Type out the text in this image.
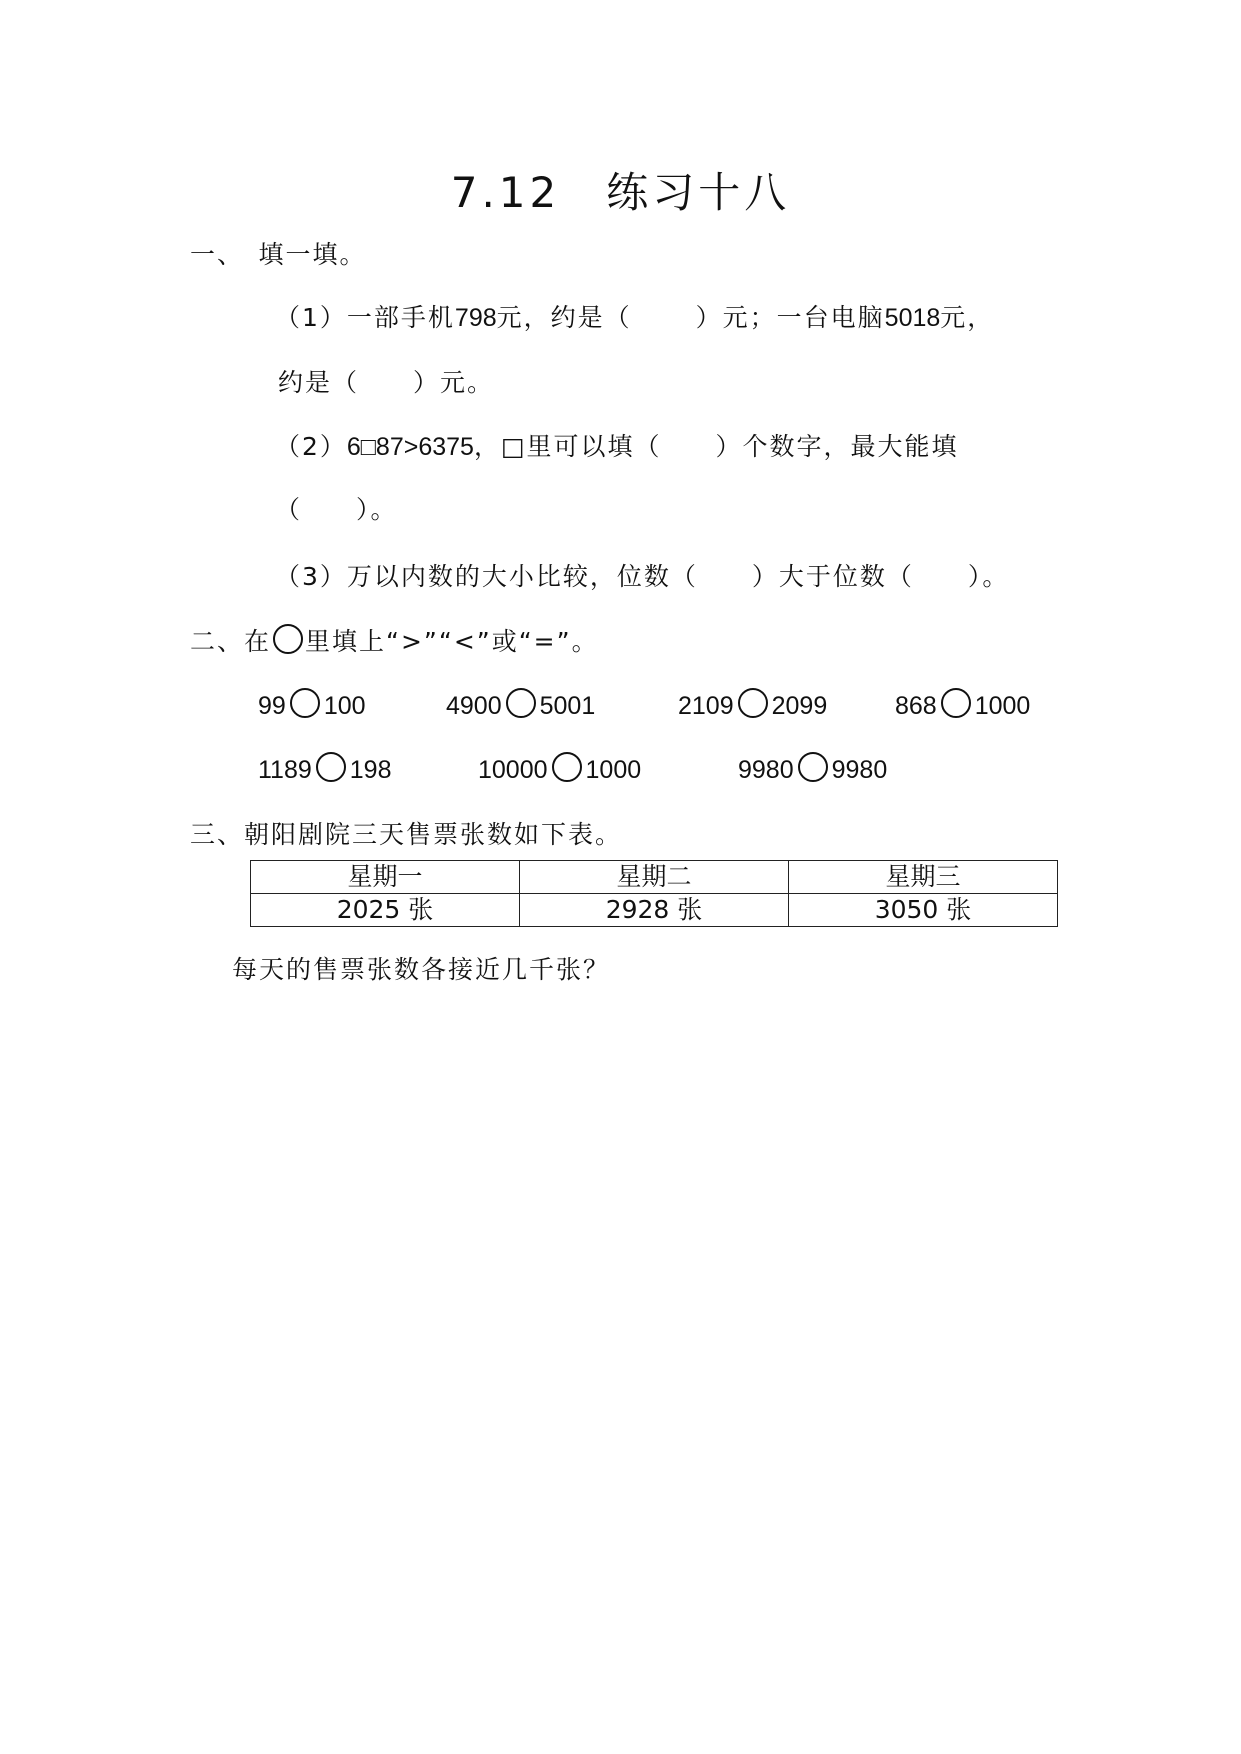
7.12　练习十八
一、　填一填。
（1）一部手机798元，约是（	）元；一台电脑5018元，
约是（　　）元。
（2）6□87>6375，□里可以填（　　）个数字，最大能填
（　　）。
（3）万以内数的大小比较，位数（　　）大于位数（　　）。
二、在 里填上“>”“<”或“=”。
99 100	4900 5001	2109 2099	868 1000
1189 198	10000 1000	9980 9980
三、朝阳剧院三天售票张数如下表。
星期一	星期二	星期三
2025 张	2928 张	3050 张
每天的售票张数各接近几千张？
